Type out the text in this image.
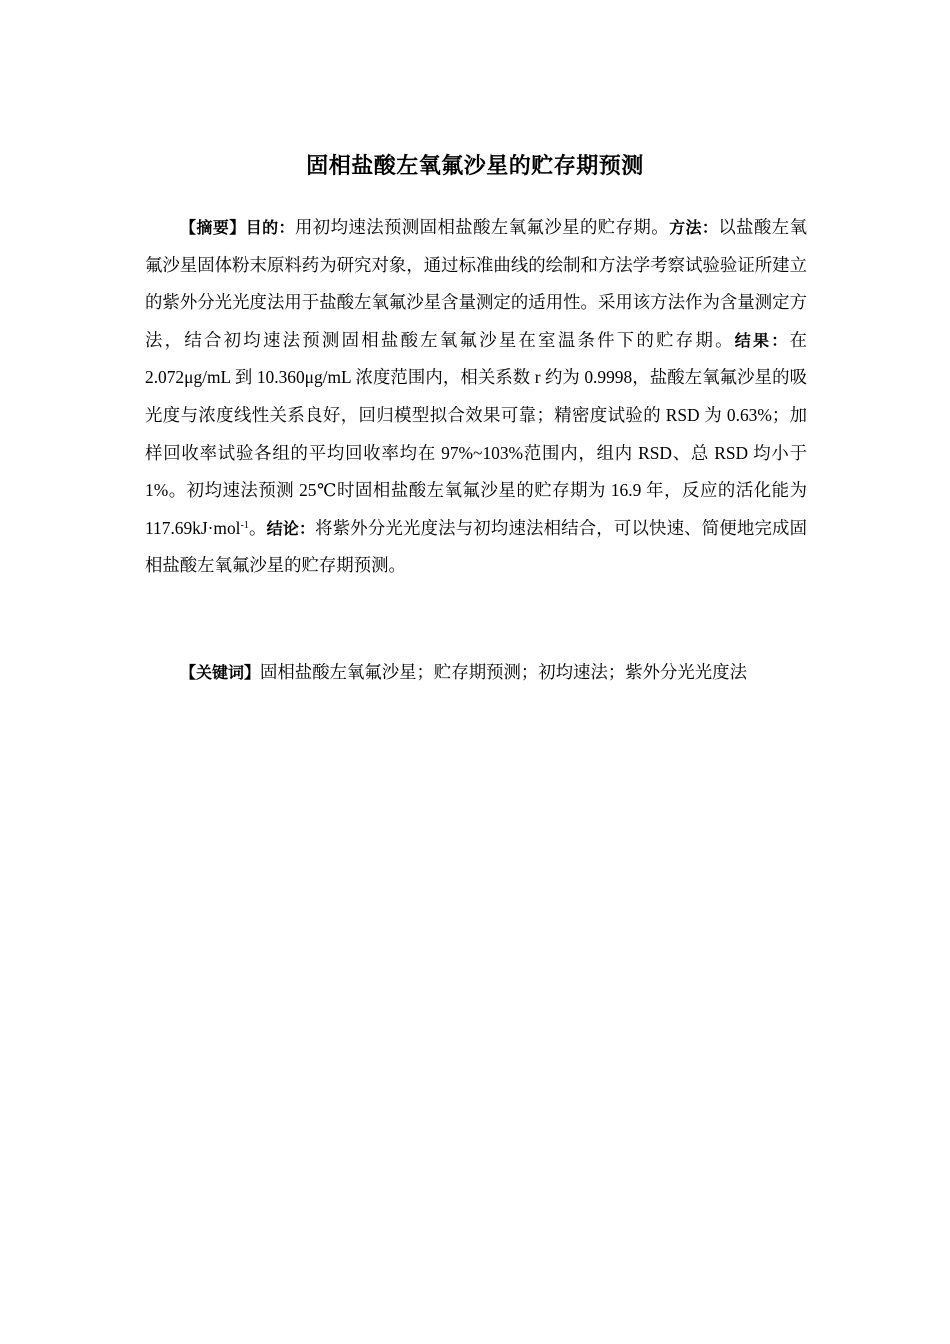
固相盐酸左氧氟沙星的贮存期预测

【摘要】目的：用初均速法预测固相盐酸左氧氟沙星的贮存期。方法：以盐酸左氧氟沙星固体粉末原料药为研究对象，通过标准曲线的绘制和方法学考察试验验证所建立的紫外分光光度法用于盐酸左氧氟沙星含量测定的适用性。采用该方法作为含量测定方法，结合初均速法预测固相盐酸左氧氟沙星在室温条件下的贮存期。结果：在 2.072μg/mL 到 10.360μg/mL 浓度范围内，相关系数 r 约为 0.9998，盐酸左氧氟沙星的吸光度与浓度线性关系良好，回归模型拟合效果可靠；精密度试验的 RSD 为 0.63%；加样回收率试验各组的平均回收率均在 97%~103%范围内，组内 RSD、总 RSD 均小于 1%。初均速法预测 25℃时固相盐酸左氧氟沙星的贮存期为 16.9 年，反应的活化能为 117.69kJ·mol$^{-1}$。结论：将紫外分光光度法与初均速法相结合，可以快速、简便地完成固相盐酸左氧氟沙星的贮存期预测。

【关键词】固相盐酸左氧氟沙星；贮存期预测；初均速法；紫外分光光度法
